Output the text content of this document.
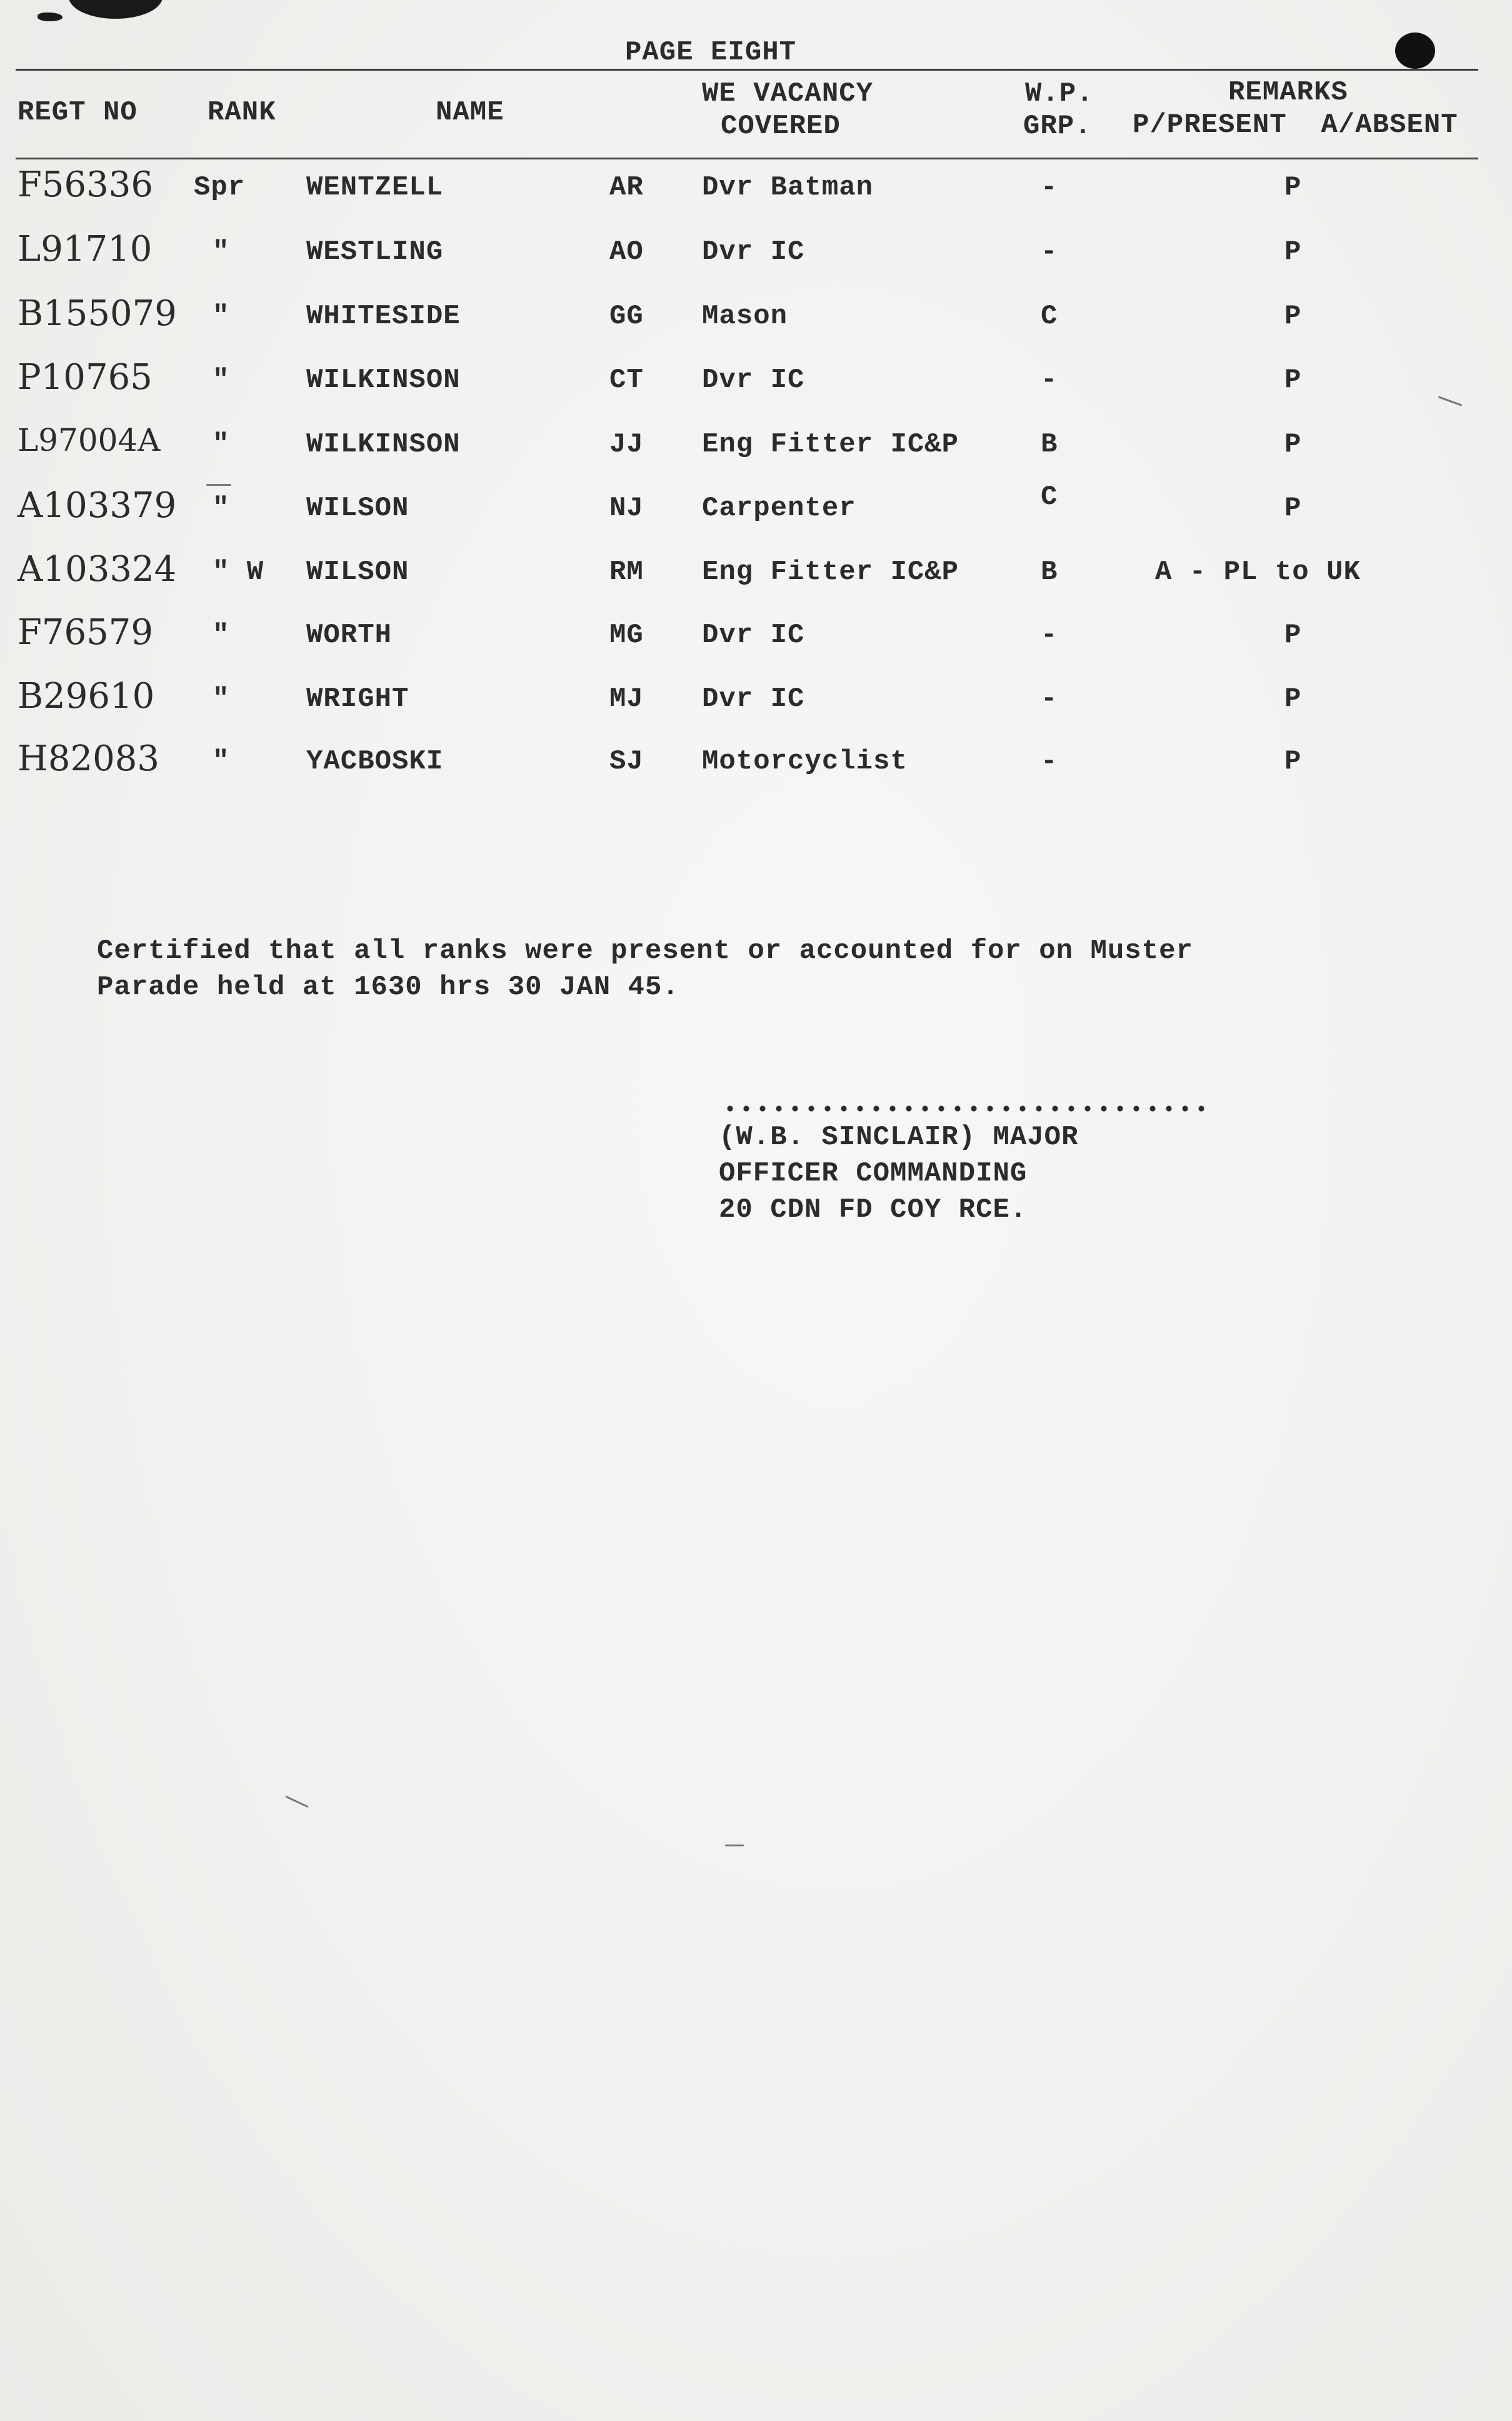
PAGE EIGHT
REGT NO	RANK	NAME
WE VACANCY
COVERED
W.P.
GRP.
REMARKS
P/PRESENT  A/ABSENT
F56336 Spr WENTZELL	AR Dvr Batman	-	P
L91710 "	WESTLING	AO Dvr IC	-	P
B155079 "	WHITESIDE	GG Mason	C	P
P10765 "	WILKINSON	CT Dvr IC	-	P
L97004A "	WILKINSON	JJ Eng Fitter IC&P	B	P
A103379 "	WILSON	NJ Carpenter	C	P
A103324 " W WILSON	RM Eng Fitter IC&P	B	A - PL to UK
F76579 "	WORTH	MG Dvr IC	-	P
B29610 "	WRIGHT	MJ Dvr IC	-	P
H82083 "	YACBOSKI	SJ Motorcyclist	-	P
Certified that all ranks were present or accounted for on Muster
Parade held at 1630 hrs 30 JAN 45.
(W.B. SINCLAIR) MAJOR
OFFICER COMMANDING
20 CDN FD COY RCE.
